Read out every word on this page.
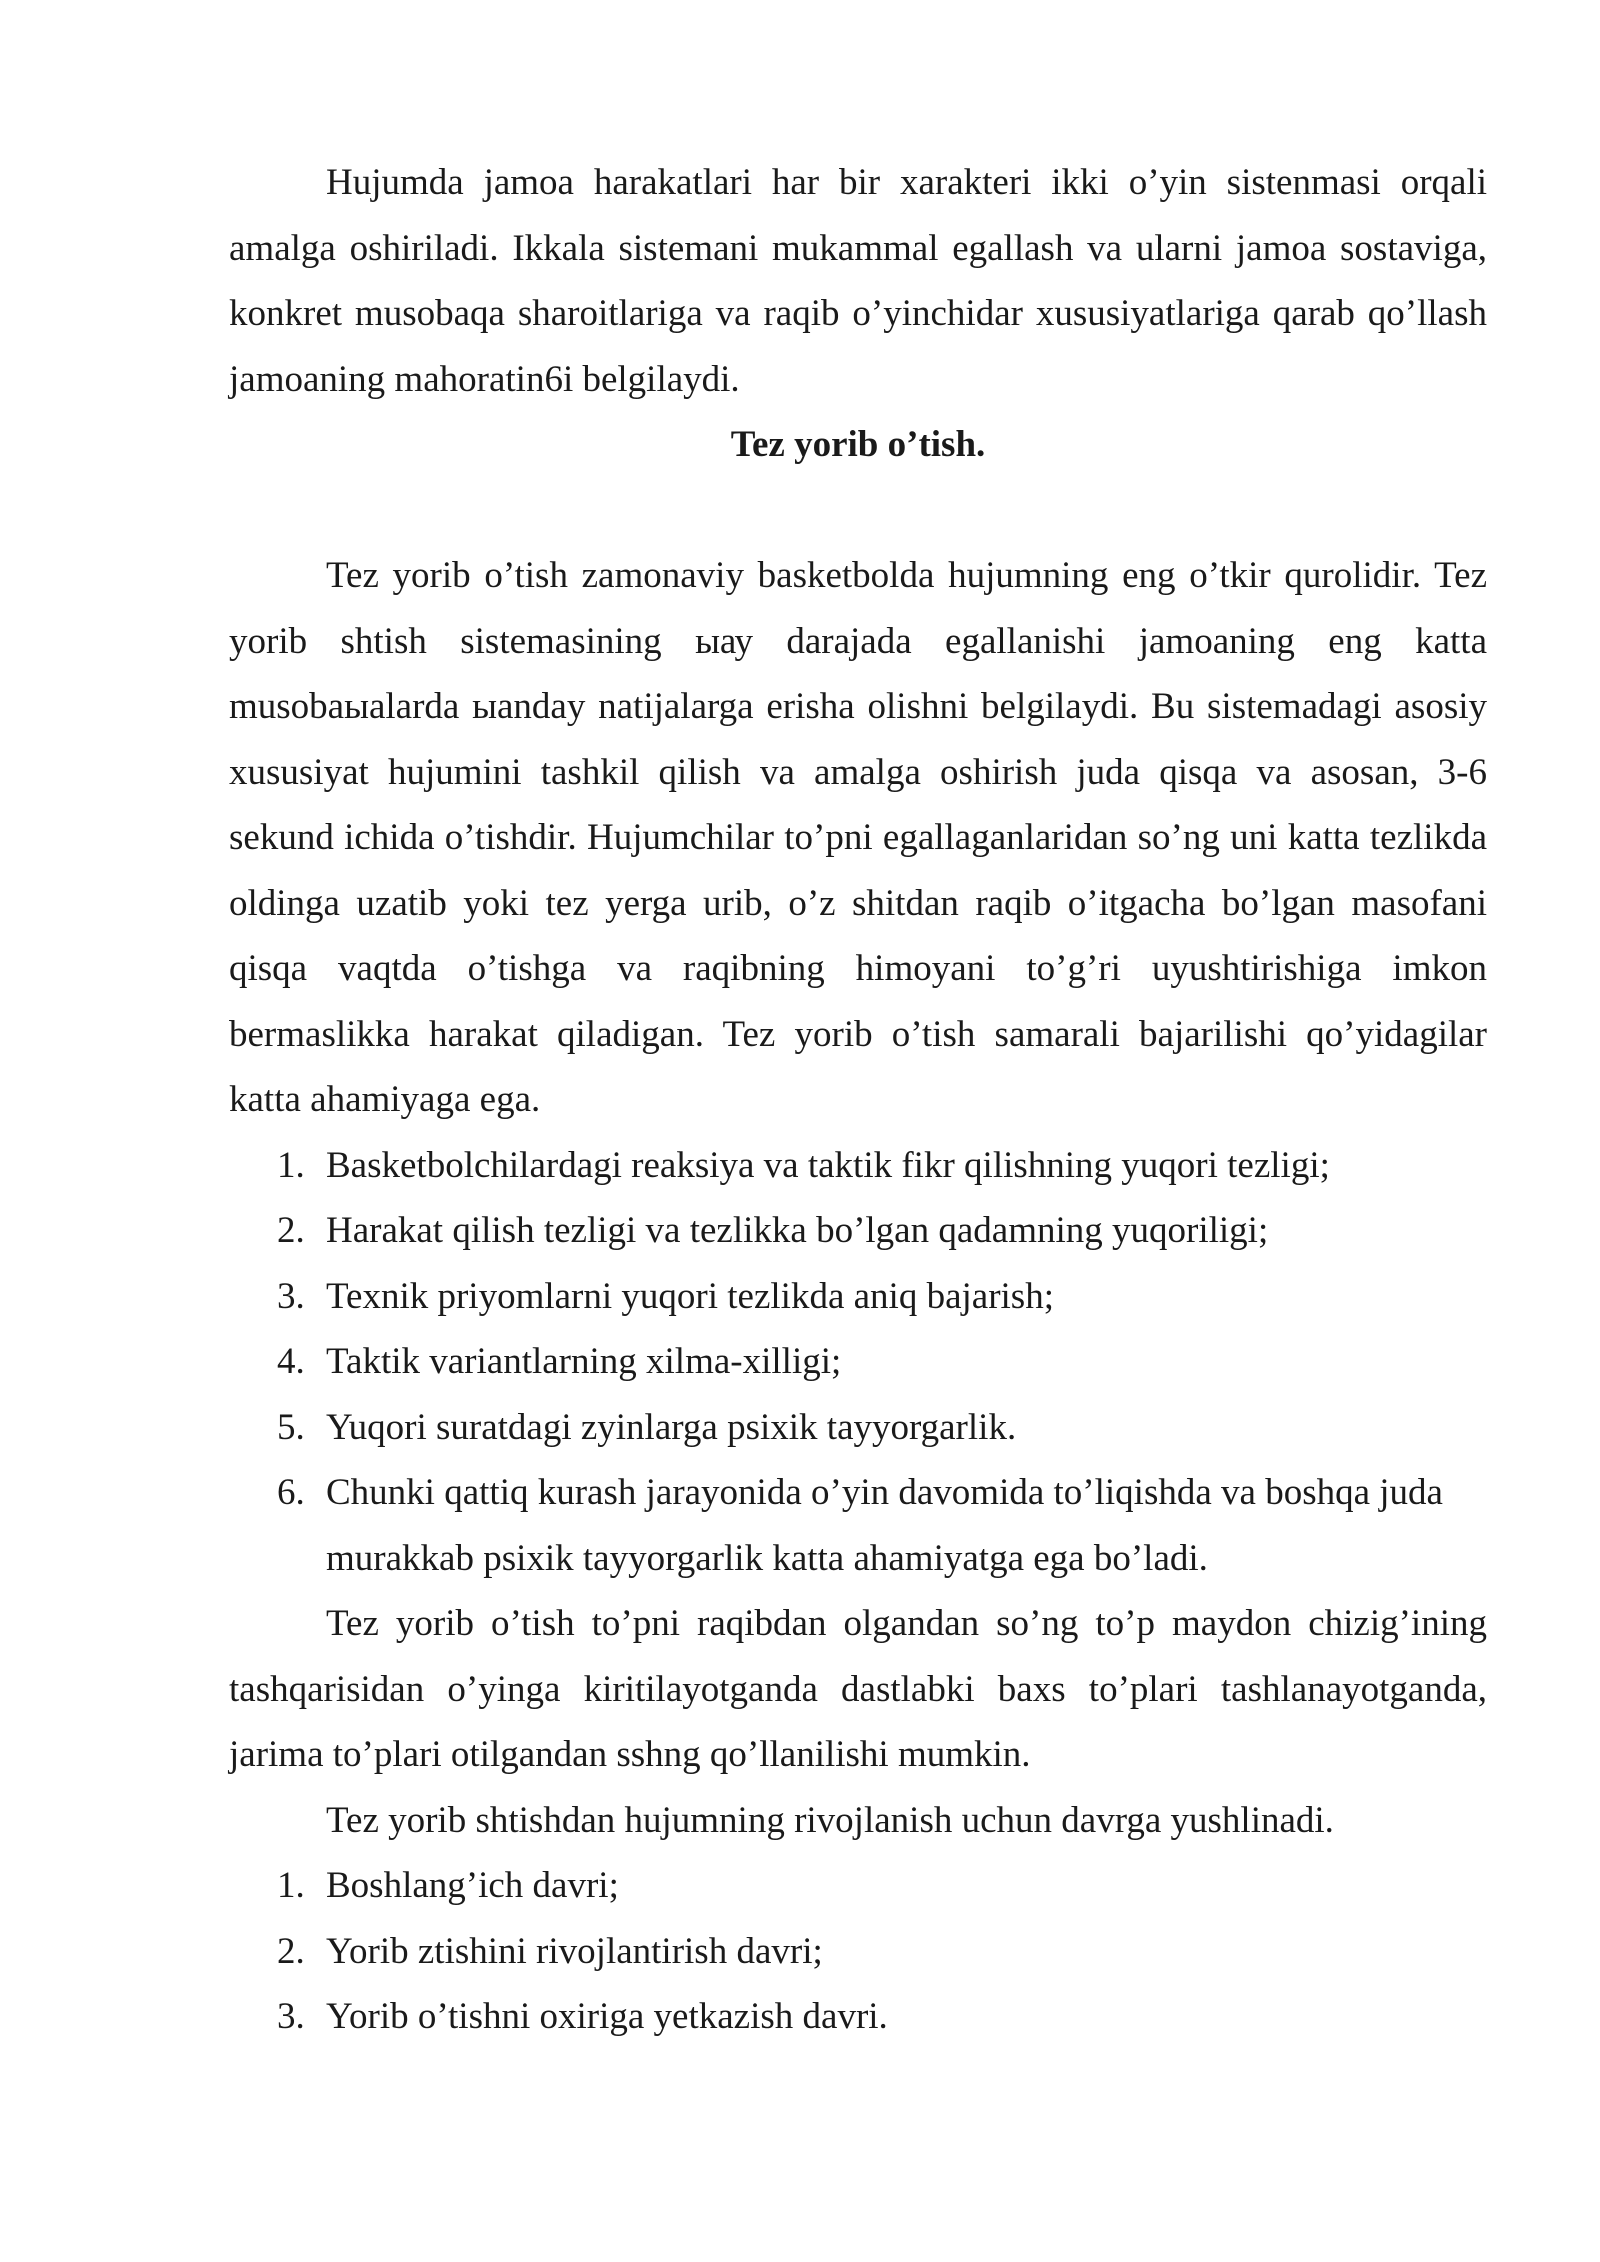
Hujumda jamoa harakatlari har bir xarakteri ikki o’yin sistenmasi orqali amalga oshiriladi. Ikkala sistemani mukammal egallash va ularni jamoa sostaviga, konkret musobaqa sharoitlariga va raqib o’yinchidar xususiyatlariga qarab qo’llash jamoaning mahoratin6i belgilaydi.

Tez yorib o’tish.

Tez yorib o’tish zamonaviy basketbolda hujumning eng o’tkir qurolidir. Tez yorib shtish sistemasining ыау darajada egallanishi jamoaning eng katta musobaыalarda ыanday natijalarga erisha olishni belgilaydi. Bu sistemadagi asosiy xususiyat hujumini tashkil qilish va amalga oshirish juda qisqa va asosan, 3-6 sekund ichida o’tishdir. Hujumchilar to’pni egallaganlaridan so’ng uni katta tezlikda oldinga uzatib yoki tez yerga urib, o’z shitdan raqib o’itgacha bo’lgan masofani qisqa vaqtda o’tishga va raqibning himoyani to’g’ri uyushtirishiga imkon bermaslikka harakat qiladigan. Tez yorib o’tish samarali bajarilishi qo’yidagilar katta ahamiyaga ega.

1. Basketbolchilardagi reaksiya va taktik fikr qilishning yuqori tezligi;
2. Harakat qilish tezligi va tezlikka bo’lgan qadamning yuqoriligi;
3. Texnik priyomlarni yuqori tezlikda aniq bajarish;
4. Taktik variantlarning xilma-xilligi;
5. Yuqori suratdagi zyinlarga psixik tayyorgarlik.
6. Chunki qattiq kurash jarayonida o’yin davomida to’liqishda va boshqa juda murakkab psixik tayyorgarlik katta ahamiyatga ega bo’ladi.

Tez yorib o’tish to’pni raqibdan olgandan so’ng to’p maydon chizig’ining tashqarisidan o’yinga kiritilayotganda dastlabki baxs to’plari tashlanayotganda, jarima to’plari otilgandan sshng qo’llanilishi mumkin.

Tez yorib shtishdan hujumning rivojlanish uchun davrga yushlinadi.

1. Boshlang’ich davri;
2. Yorib ztishini rivojlantirish davri;
3. Yorib o’tishni oxiriga yetkazish davri.
